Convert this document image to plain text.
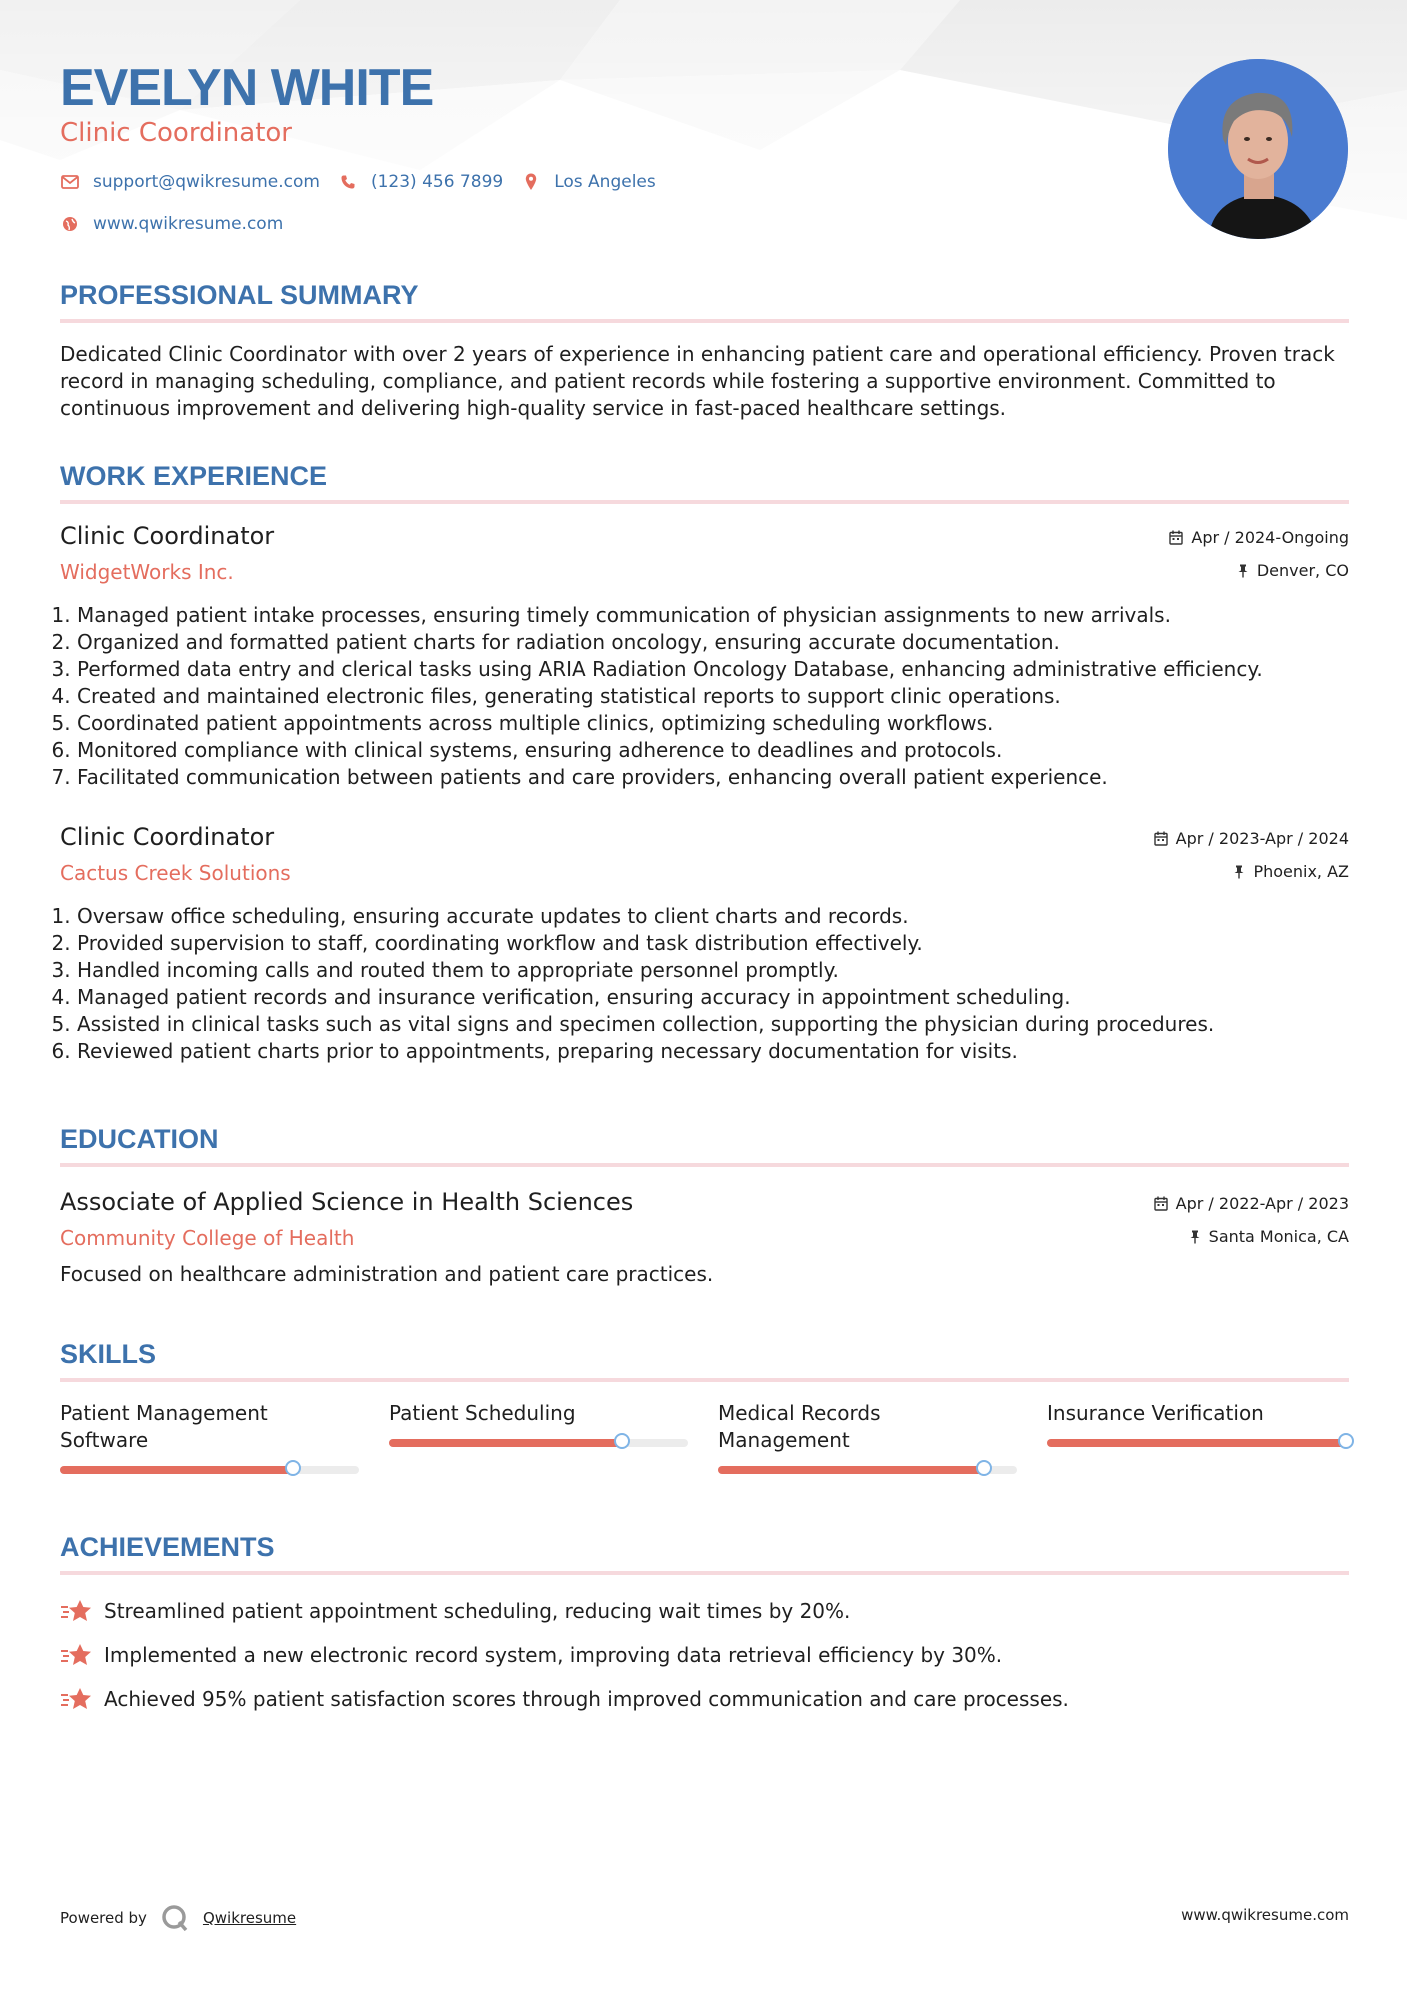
EVELYN WHITE
Clinic Coordinator
support@qwikresume.com	(123) 456 7899	Los Angeles
www.qwikresume.com
PROFESSIONAL SUMMARY
Dedicated Clinic Coordinator with over 2 years of experience in enhancing patient care and operational efficiency. Proven track record in managing scheduling, compliance, and patient records while fostering a supportive environment. Committed to continuous improvement and delivering high-quality service in fast-paced healthcare settings.
WORK EXPERIENCE
Clinic Coordinator
WidgetWorks Inc.
Apr / 2024-Ongoing
Denver, CO
1. Managed patient intake processes, ensuring timely communication of physician assignments to new arrivals.
2. Organized and formatted patient charts for radiation oncology, ensuring accurate documentation.
3. Performed data entry and clerical tasks using ARIA Radiation Oncology Database, enhancing administrative efficiency.
4. Created and maintained electronic files, generating statistical reports to support clinic operations.
5. Coordinated patient appointments across multiple clinics, optimizing scheduling workflows.
6. Monitored compliance with clinical systems, ensuring adherence to deadlines and protocols.
7. Facilitated communication between patients and care providers, enhancing overall patient experience.
Clinic Coordinator
Cactus Creek Solutions
Apr / 2023-Apr / 2024
Phoenix, AZ
1. Oversaw office scheduling, ensuring accurate updates to client charts and records.
2. Provided supervision to staff, coordinating workflow and task distribution effectively.
3. Handled incoming calls and routed them to appropriate personnel promptly.
4. Managed patient records and insurance verification, ensuring accuracy in appointment scheduling.
5. Assisted in clinical tasks such as vital signs and specimen collection, supporting the physician during procedures.
6. Reviewed patient charts prior to appointments, preparing necessary documentation for visits.
EDUCATION
Associate of Applied Science in Health Sciences
Community College of Health
Apr / 2022-Apr / 2023
Santa Monica, CA
Focused on healthcare administration and patient care practices.
SKILLS
Patient Management Software
Patient Scheduling	Medical Records Management
Insurance Verification
ACHIEVEMENTS
Streamlined patient appointment scheduling, reducing wait times by 20%.
Implemented a new electronic record system, improving data retrieval efficiency by 30%.
Achieved 95% patient satisfaction scores through improved communication and care processes.
Powered by	Qwikresume	www.qwikresume.com
